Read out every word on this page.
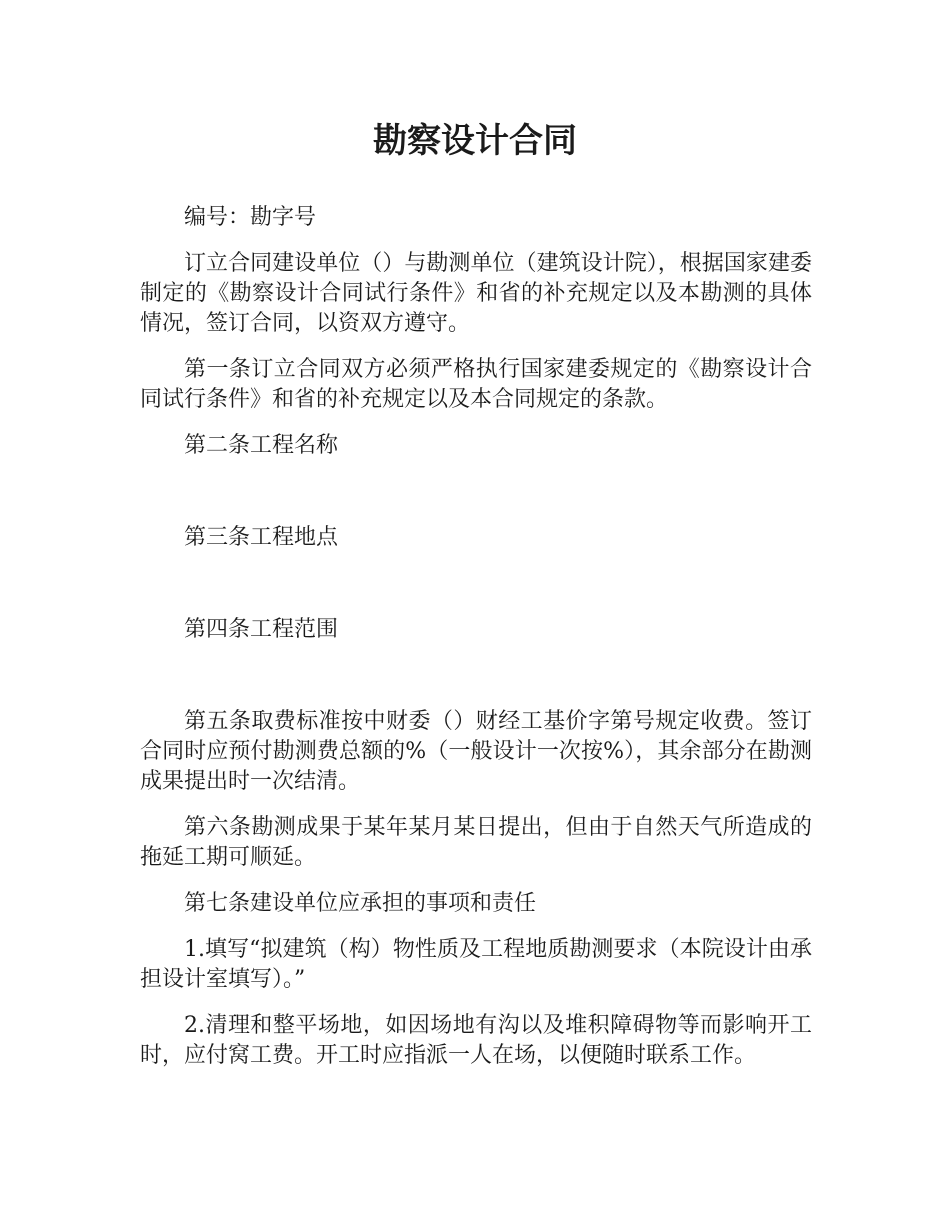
勘察设计合同

编号：勘字号

订立合同建设单位（）与勘测单位（建筑设计院），根据国家建委制定的《勘察设计合同试行条件》和省的补充规定以及本勘测的具体情况，签订合同，以资双方遵守。

第一条订立合同双方必须严格执行国家建委规定的《勘察设计合同试行条件》和省的补充规定以及本合同规定的条款。

第二条工程名称

第三条工程地点

第四条工程范围

第五条取费标准按中财委（）财经工基价字第号规定收费。签订合同时应预付勘测费总额的%（一般设计一次按%），其余部分在勘测成果提出时一次结清。

第六条勘测成果于某年某月某日提出，但由于自然天气所造成的拖延工期可顺延。

第七条建设单位应承担的事项和责任

1.填写“拟建筑（构）物性质及工程地质勘测要求（本院设计由承担设计室填写）。”

2.清理和整平场地，如因场地有沟以及堆积障碍物等而影响开工时，应付窝工费。开工时应指派一人在场，以便随时联系工作。
